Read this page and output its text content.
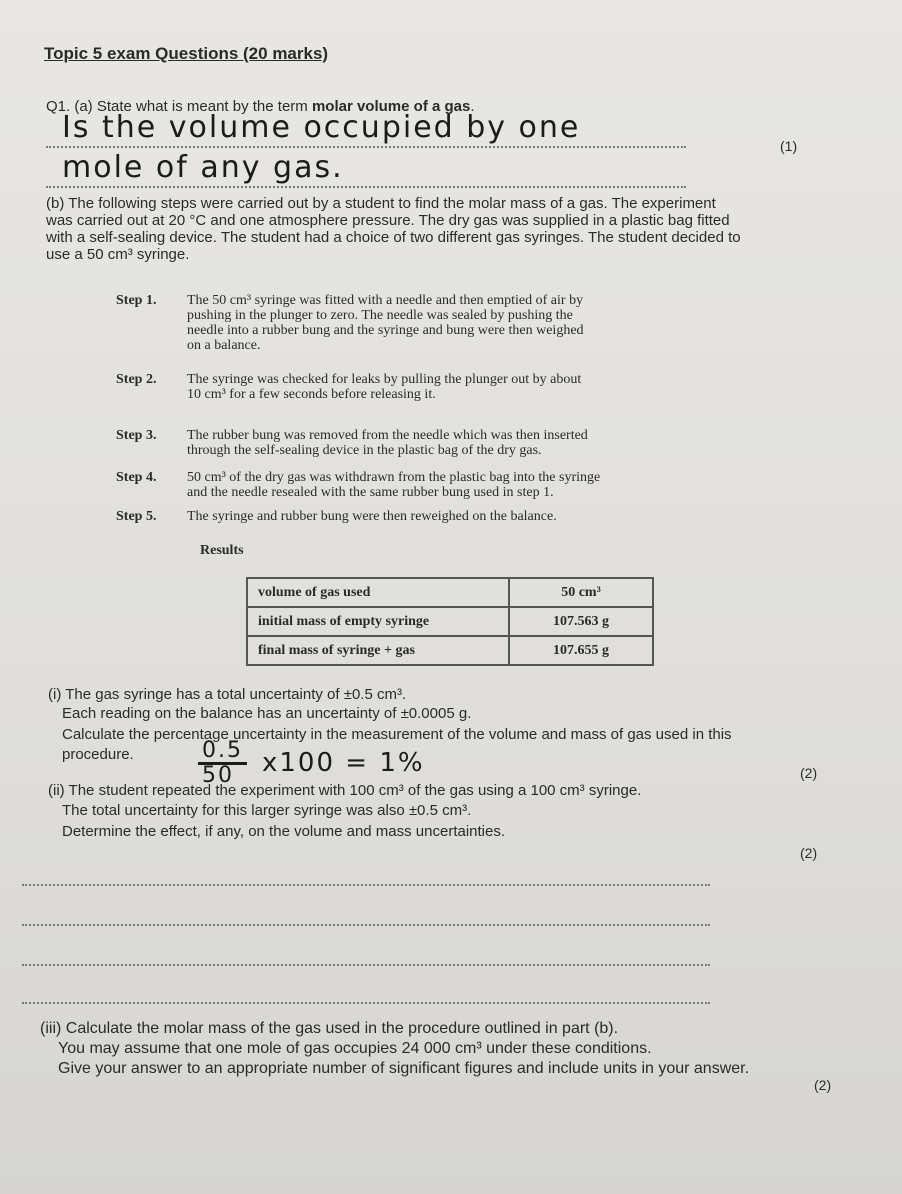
Topic 5 exam Questions (20 marks)
Q1. (a) State what is meant by the term molar volume of a gas.
Is the volume occupied by one
(1)
mole of any gas.
(b) The following steps were carried out by a student to find the molar mass of a gas. The experiment
was carried out at 20 °C and one atmosphere pressure. The dry gas was supplied in a plastic bag fitted
with a self-sealing device. The student had a choice of two different gas syringes. The student decided to
use a 50 cm³ syringe.
Step 1. The 50 cm³ syringe was fitted with a needle and then emptied of air by
pushing in the plunger to zero. The needle was sealed by pushing the
needle into a rubber bung and the syringe and bung were then weighed
on a balance.
Step 2. The syringe was checked for leaks by pulling the plunger out by about
10 cm³ for a few seconds before releasing it.
Step 3. The rubber bung was removed from the needle which was then inserted
through the self-sealing device in the plastic bag of the dry gas.
Step 4. 50 cm³ of the dry gas was withdrawn from the plastic bag into the syringe
and the needle resealed with the same rubber bung used in step 1.
Step 5. The syringe and rubber bung were then reweighed on the balance.
Results
volume of gas used	50 cm³
initial mass of empty syringe	107.563 g
final mass of syringe + gas	107.655 g
(i) The gas syringe has a total uncertainty of ±0.5 cm³.
Each reading on the balance has an uncertainty of ±0.0005 g.
Calculate the percentage uncertainty in the measurement of the volume and mass of gas used in this
procedure.	$\frac{0.5}{50} x100 = 1\%$	(2)
(ii) The student repeated the experiment with 100 cm³ of the gas using a 100 cm³ syringe.
The total uncertainty for this larger syringe was also ±0.5 cm³.
Determine the effect, if any, on the volume and mass uncertainties.
(2)
(iii) Calculate the molar mass of the gas used in the procedure outlined in part (b).
You may assume that one mole of gas occupies 24 000 cm³ under these conditions.
Give your answer to an appropriate number of significant figures and include units in your answer.
(2)
